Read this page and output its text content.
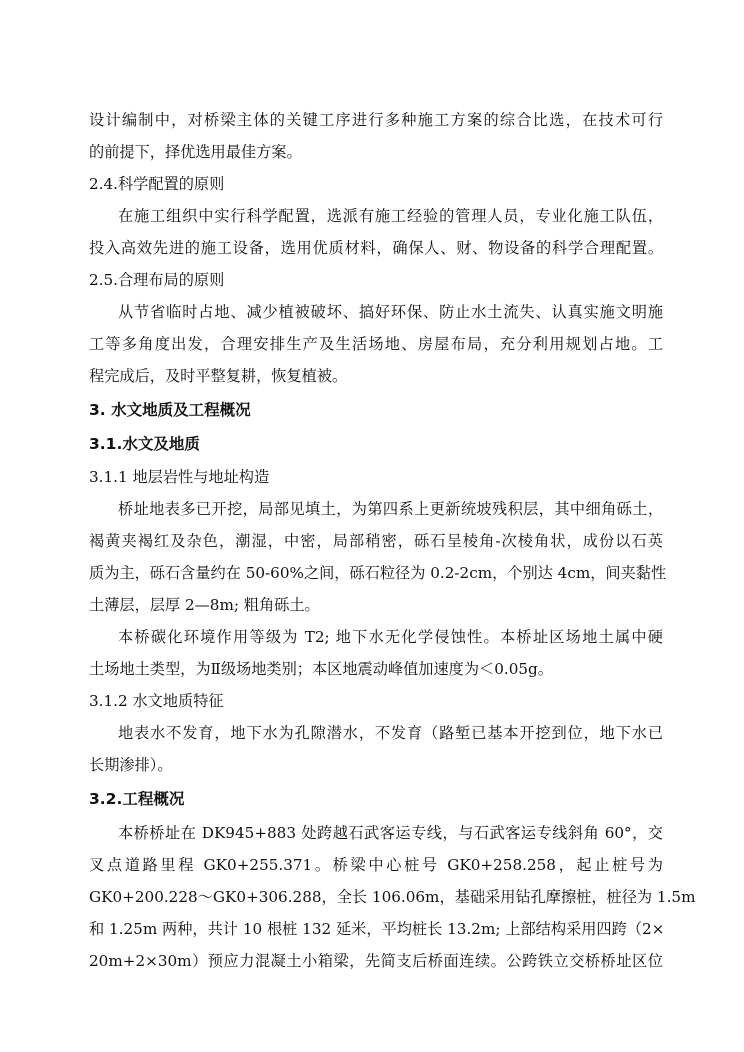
设计编制中，对桥梁主体的关键工序进行多种施工方案的综合比选，在技术可行
的前提下，择优选用最佳方案。
2.4.科学配置的原则
在施工组织中实行科学配置，选派有施工经验的管理人员，专业化施工队伍，
投入高效先进的施工设备，选用优质材料，确保人、财、物设备的科学合理配置。
2.5.合理布局的原则
从节省临时占地、减少植被破坏、搞好环保、防止水土流失、认真实施文明施
工等多角度出发，合理安排生产及生活场地、房屋布局，充分利用规划占地。工
程完成后，及时平整复耕，恢复植被。
3. 水文地质及工程概况
3.1.水文及地质
3.1.1 地层岩性与地址构造
桥址地表多已开挖，局部见填土，为第四系上更新统坡残积层，其中细角砾土，
褐黄夹褐红及杂色，潮湿，中密，局部稍密，砾石呈棱角-次棱角状，成份以石英
质为主，砾石含量约在 50-60%之间，砾石粒径为 0.2-2cm，个别达 4cm，间夹黏性
土薄层，层厚 2—8m; 粗角砾土。
本桥碳化环境作用等级为 T2; 地下水无化学侵蚀性。本桥址区场地土属中硬
土场地土类型，为Ⅱ级场地类别；本区地震动峰值加速度为＜0.05g。
3.1.2 水文地质特征
地表水不发育，地下水为孔隙潜水，不发育（路堑已基本开挖到位，地下水已
长期渗排）。
3.2.工程概况
本桥桥址在 DK945+883 处跨越石武客运专线，与石武客运专线斜角 60°，交
叉点道路里程 GK0+255.371。桥梁中心桩号 GK0+258.258，起止桩号为
GK0+200.228～GK0+306.288，全长 106.06m，基础采用钻孔摩擦桩，桩径为 1.5m
和 1.25m 两种，共计 10 根桩 132 延米，平均桩长 13.2m; 上部结构采用四跨（2×
20m+2×30m）预应力混凝土小箱梁，先简支后桥面连续。公跨铁立交桥桥址区位
